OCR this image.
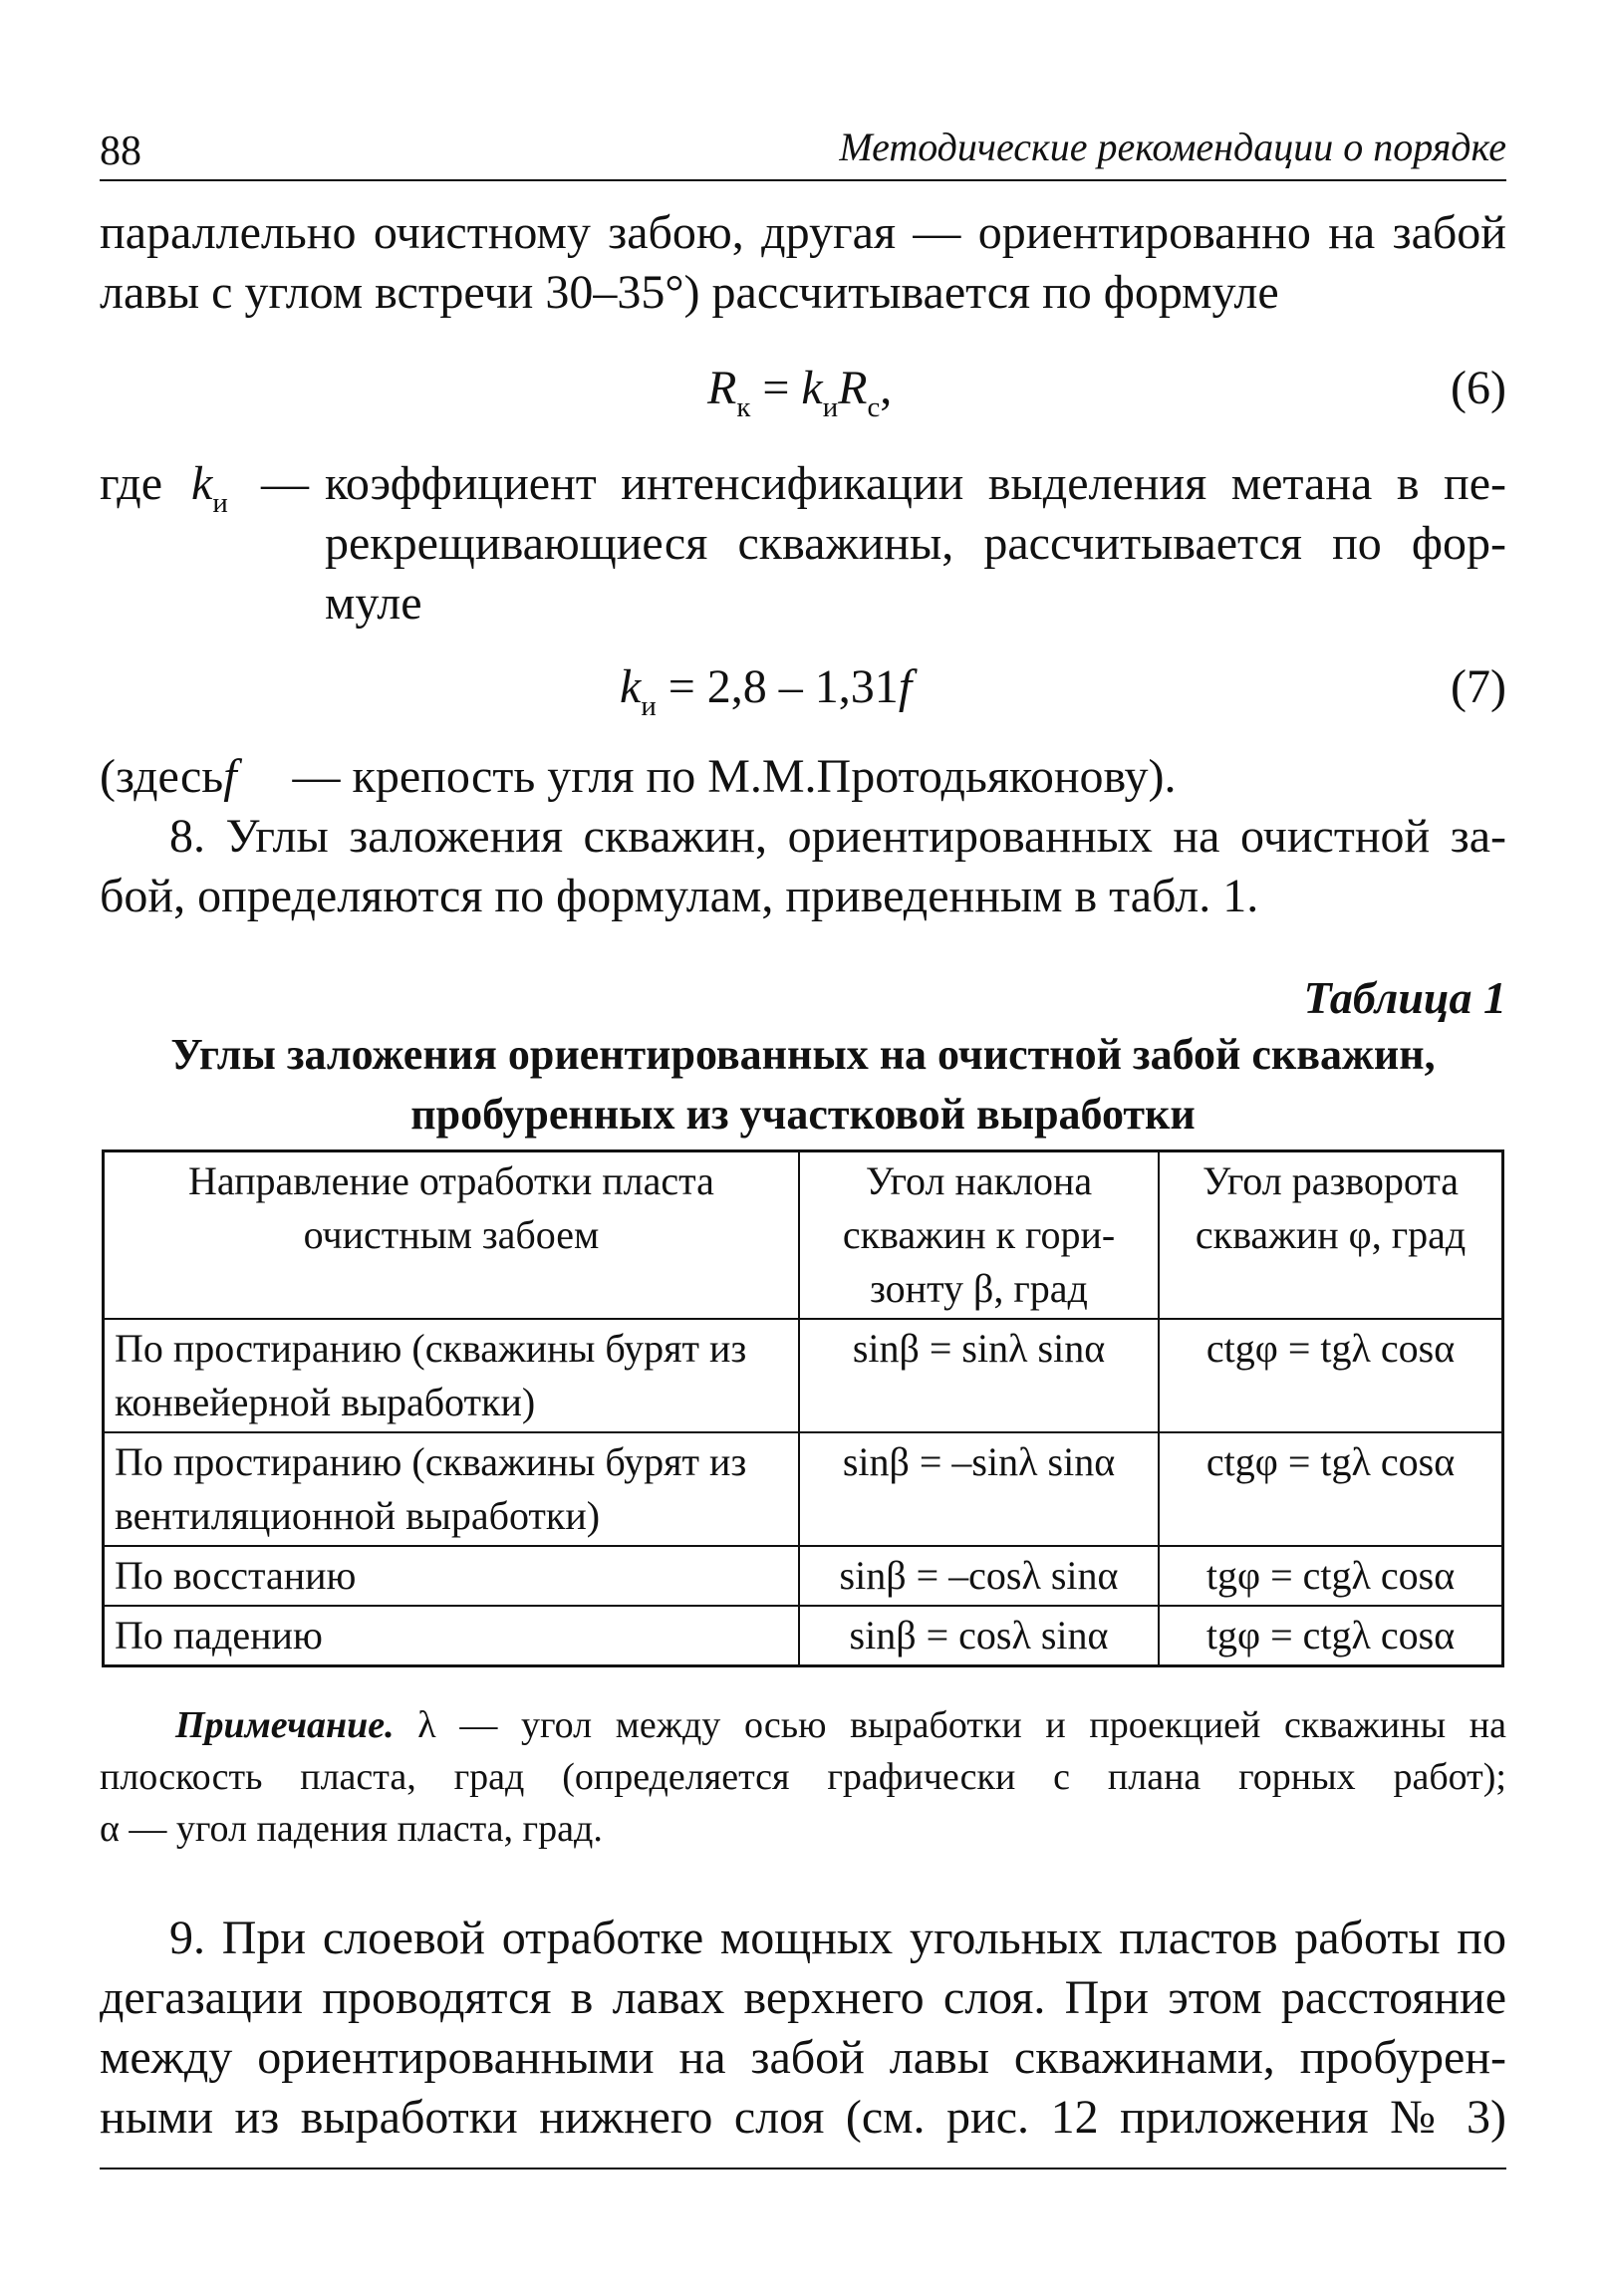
88	Методические рекомендации о порядке
параллельно очистному забою, другая — ориентированно на забой
лавы с углом встречи 30–35°) рассчитывается по формуле
$R_к = k_иR_с$,	(6)
где $k_и$ — коэффициент интенсификации выделения метана в пе-
рекрещивающиеся скважины, рассчитывается по фор-
муле
$k_и = 2,8 - 1,31f$	(7)
(здесьf — крепость угля по М.М.Протодьяконову).
8. Углы заложения скважин, ориентированных на очистной за-
бой, определяются по формулам, приведенным в табл. 1.
Таблица 1
Углы заложения ориентированных на очистной забой скважин,
пробуренных из участковой выработки
Направление отработки пласта очистным забоем	Угол наклона скважин к гори- зонту β, град	Угол разворота скважин φ, град
По простиранию (скважины бурят из конвейерной выработки)	sinβ = sinλ sinα	ctgφ = tgλ cosα
По простиранию (скважины бурят из вентиляционной выработки)	sinβ = –sinλ sinα	ctgφ = tgλ cosα
По восстанию	sinβ = –cosλ sinα	tgφ = ctgλ cosα
По падению	sinβ = cosλ sinα	tgφ = ctgλ cosα
Примечание. λ — угол между осью выработки и проекцией скважины на
плоскость пласта, град (определяется графически с плана горных работ);
α — угол падения пласта, град.
9. При слоевой отработке мощных угольных пластов работы по
дегазации проводятся в лавах верхнего слоя. При этом расстояние
между ориентированными на забой лавы скважинами, пробурен-
ными из выработки нижнего слоя (см. рис. 12 приложения № 3)
